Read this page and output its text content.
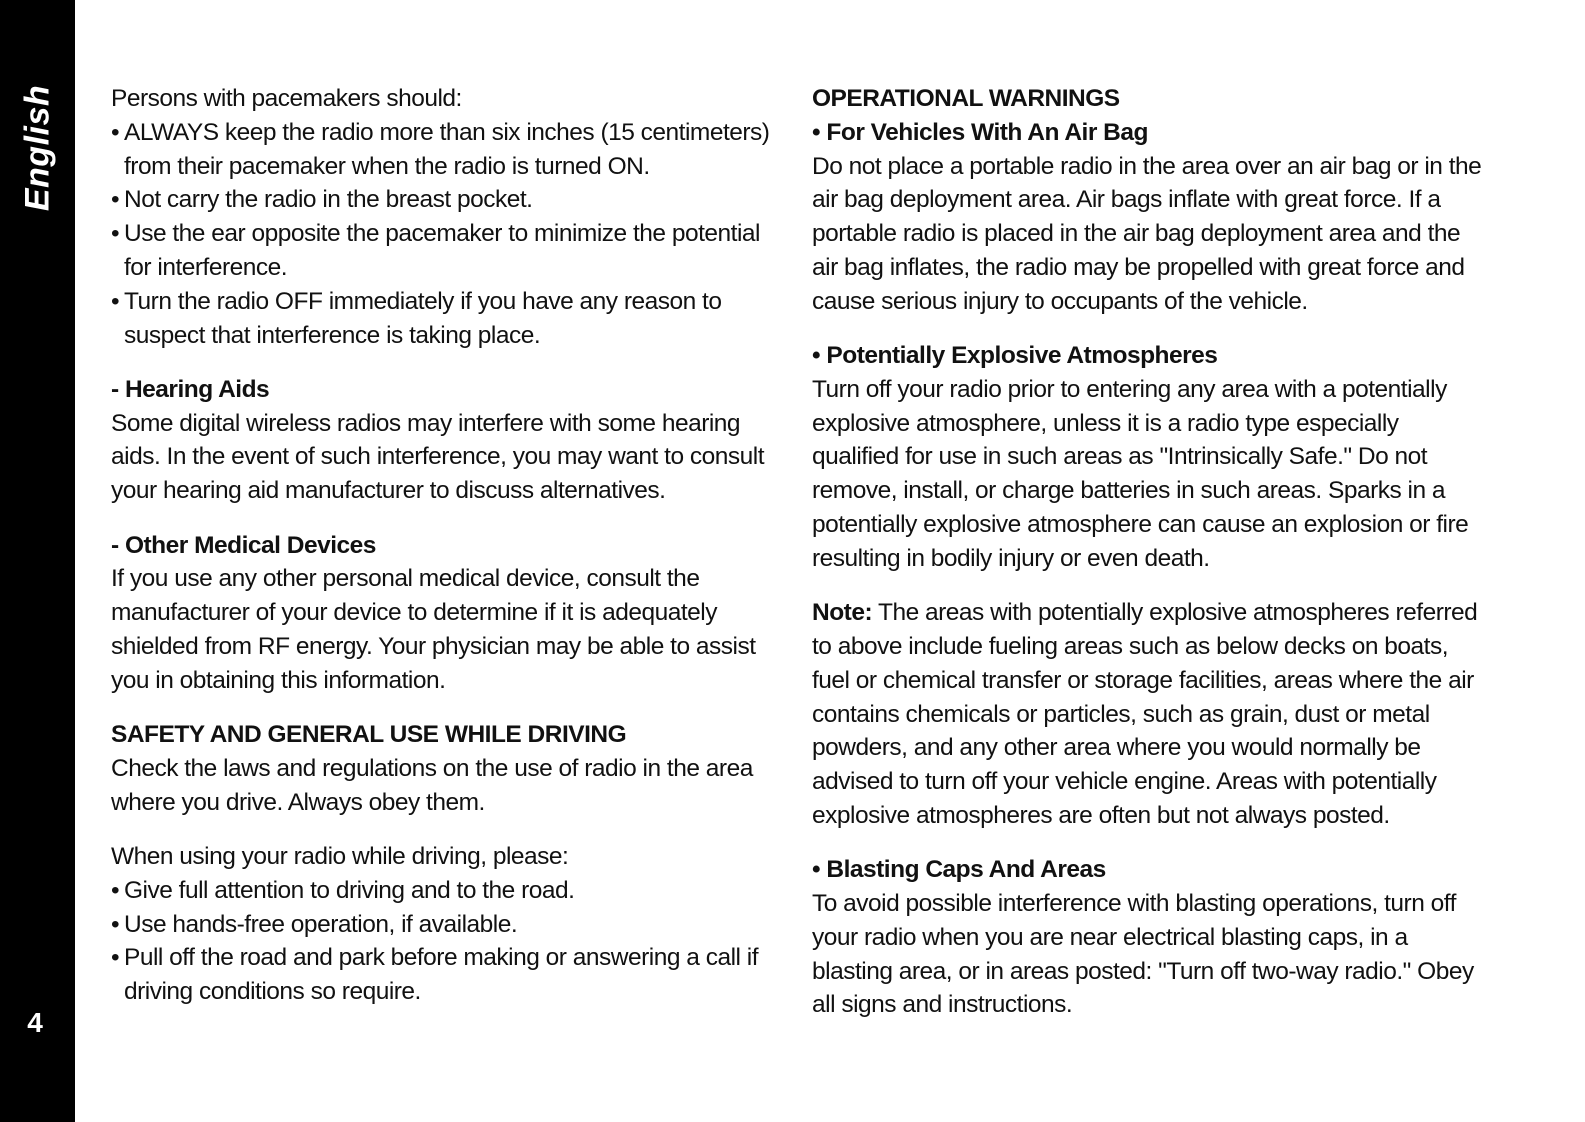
English
4

Persons with pacemakers should:

• ALWAYS keep the radio more than six inches (15 centimeters) from their pacemaker when the radio is turned ON.
• Not carry the radio in the breast pocket.
• Use the ear opposite the pacemaker to minimize the potential for interference.
• Turn the radio OFF immediately if you have any reason to suspect that interference is taking place.

- Hearing Aids

Some digital wireless radios may interfere with some hearing aids. In the event of such interference, you may want to consult your hearing aid manufacturer to discuss alternatives.

- Other Medical Devices

If you use any other personal medical device, consult the manufacturer of your device to determine if it is adequately shielded from RF energy. Your physician may be able to assist you in obtaining this information.

SAFETY AND GENERAL USE WHILE DRIVING

Check the laws and regulations on the use of radio in the area where you drive. Always obey them.

When using your radio while driving, please:

• Give full attention to driving and to the road.
• Use hands-free operation, if available.
• Pull off the road and park before making or answering a call if driving conditions so require.

OPERATIONAL WARNINGS

• For Vehicles With An Air Bag

Do not place a portable radio in the area over an air bag or in the air bag deployment area. Air bags inflate with great force. If a portable radio is placed in the air bag deployment area and the air bag inflates, the radio may be propelled with great force and cause serious injury to occupants of the vehicle.

• Potentially Explosive Atmospheres

Turn off your radio prior to entering any area with a potentially explosive atmosphere, unless it is a radio type especially qualified for use in such areas as "Intrinsically Safe." Do not remove, install, or charge batteries in such areas. Sparks in a potentially explosive atmosphere can cause an explosion or fire resulting in bodily injury or even death.

Note: The areas with potentially explosive atmospheres referred to above include fueling areas such as below decks on boats, fuel or chemical transfer or storage facilities, areas where the air contains chemicals or particles, such as grain, dust or metal powders, and any other area where you would normally be advised to turn off your vehicle engine. Areas with potentially explosive atmospheres are often but not always posted.

• Blasting Caps And Areas

To avoid possible interference with blasting operations, turn off your radio when you are near electrical blasting caps, in a blasting area, or in areas posted: "Turn off two-way radio." Obey all signs and instructions.
